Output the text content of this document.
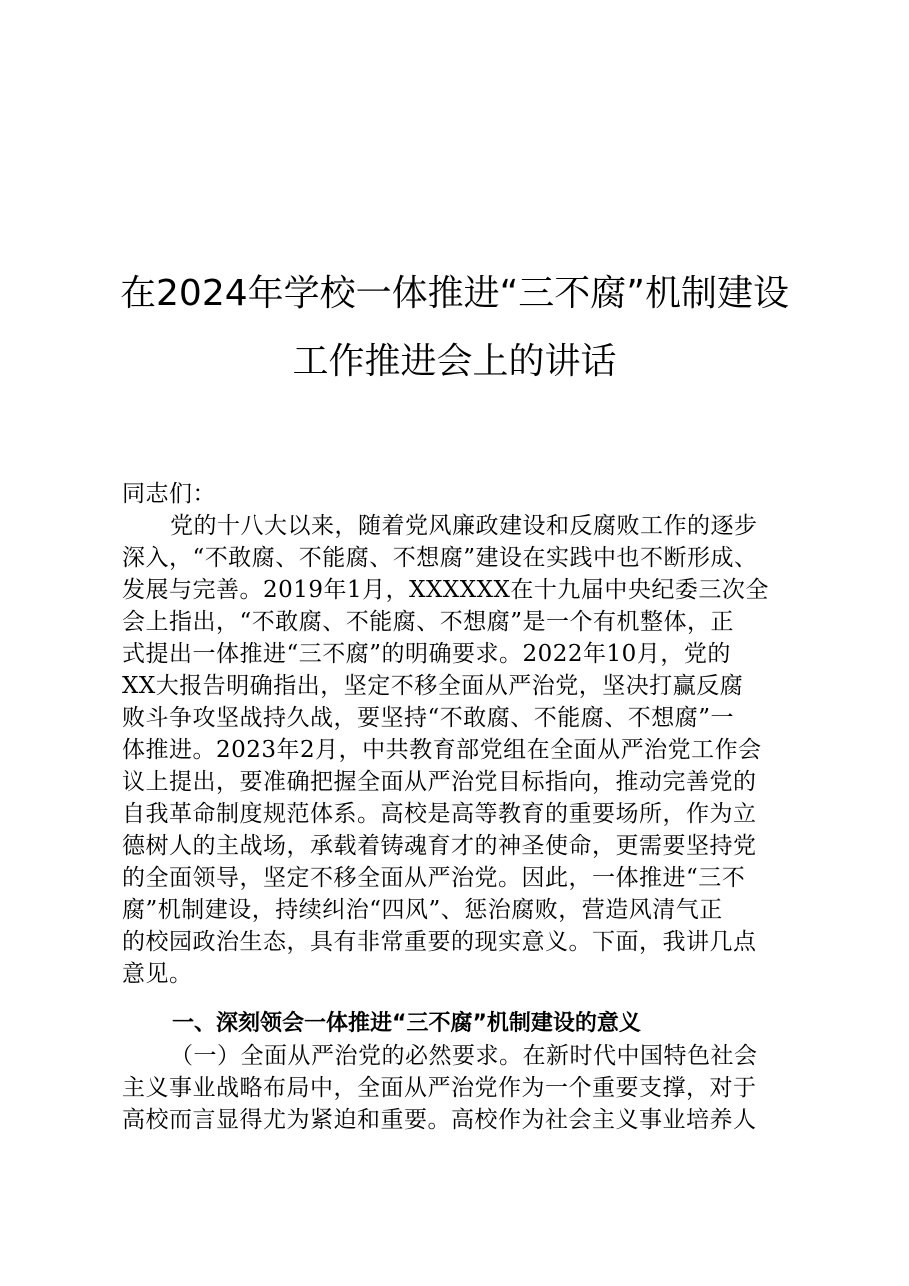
在2024年学校一体推进“三不腐”机制建设
工作推进会上的讲话
同志们：
党的十八大以来，随着党风廉政建设和反腐败工作的逐步
深入，“不敢腐、不能腐、不想腐”建设在实践中也不断形成、
发展与完善。2019年1月，XXXXXX在十九届中央纪委三次全
会上指出，“不敢腐、不能腐、不想腐”是一个有机整体，正
式提出一体推进“三不腐”的明确要求。2022年10月，党的
XX大报告明确指出，坚定不移全面从严治党，坚决打赢反腐
败斗争攻坚战持久战，要坚持“不敢腐、不能腐、不想腐”一
体推进。2023年2月，中共教育部党组在全面从严治党工作会
议上提出，要准确把握全面从严治党目标指向，推动完善党的
自我革命制度规范体系。高校是高等教育的重要场所，作为立
德树人的主战场，承载着铸魂育才的神圣使命，更需要坚持党
的全面领导，坚定不移全面从严治党。因此，一体推进“三不
腐”机制建设，持续纠治“四风”、惩治腐败，营造风清气正
的校园政治生态，具有非常重要的现实意义。下面，我讲几点
意见。
一、深刻领会一体推进“三不腐”机制建设的意义
（一）全面从严治党的必然要求。在新时代中国特色社会
主义事业战略布局中，全面从严治党作为一个重要支撑，对于
高校而言显得尤为紧迫和重要。高校作为社会主义事业培养人
